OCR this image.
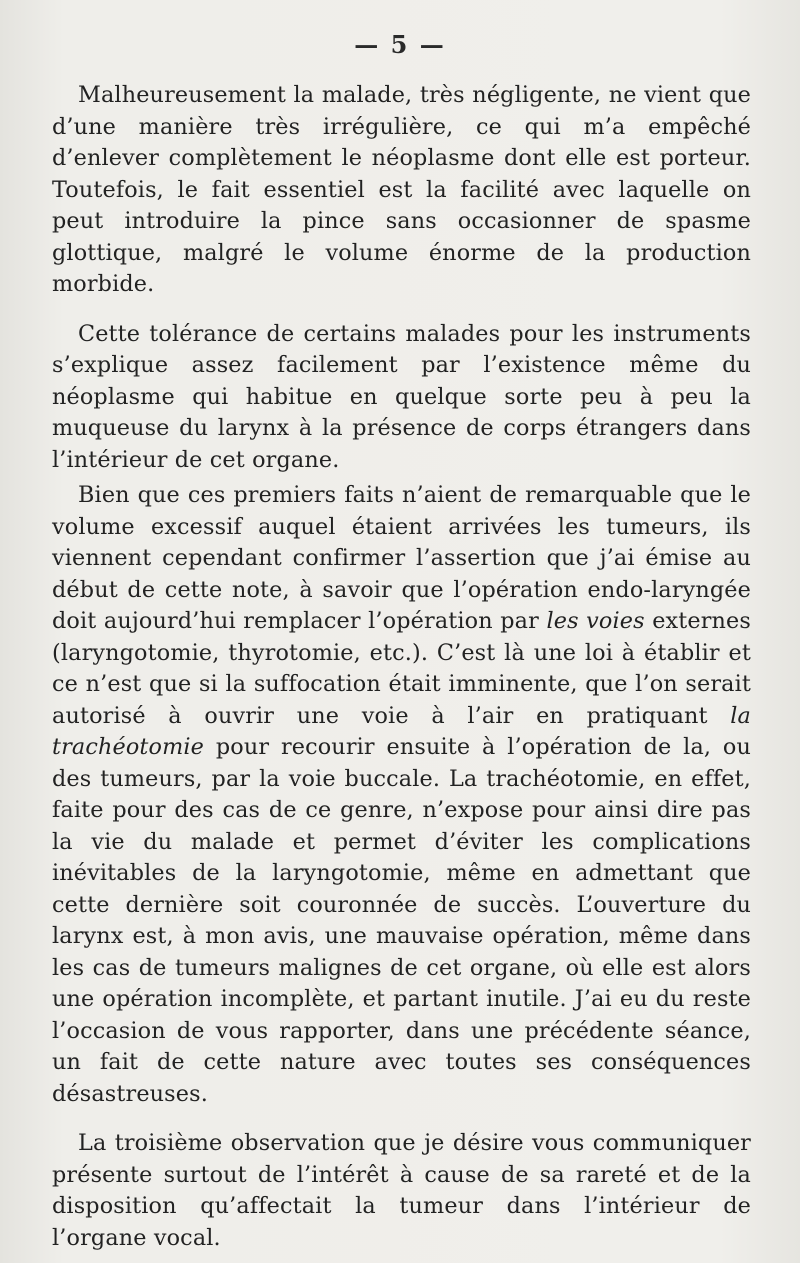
— 5 —

Malheureusement la malade, très négligente, ne vient que d’une manière très irrégulière, ce qui m’a empêché d’enlever complètement le néoplasme dont elle est porteur. Toutefois, le fait essentiel est la facilité avec laquelle on peut introduire la pince sans occasionner de spasme glottique, malgré le volume énorme de la production morbide.

Cette tolérance de certains malades pour les instruments s’explique assez facilement par l’existence même du néoplasme qui habitue en quelque sorte peu à peu la muqueuse du larynx à la présence de corps étrangers dans l’intérieur de cet organe.

Bien que ces premiers faits n’aient de remarquable que le volume excessif auquel étaient arrivées les tumeurs, ils viennent cependant confirmer l’assertion que j’ai émise au début de cette note, à savoir que l’opération endo-laryngée doit aujourd’hui remplacer l’opération par les voies externes (laryngotomie, thyrotomie, etc.). C’est là une loi à établir et ce n’est que si la suffocation était imminente, que l’on serait autorisé à ouvrir une voie à l’air en pratiquant la trachéotomie pour recourir ensuite à l’opération de la, ou des tumeurs, par la voie buccale. La trachéotomie, en effet, faite pour des cas de ce genre, n’expose pour ainsi dire pas la vie du malade et permet d’éviter les complications inévitables de la laryngotomie, même en admettant que cette dernière soit couronnée de succès. L’ouverture du larynx est, à mon avis, une mauvaise opération, même dans les cas de tumeurs malignes de cet organe, où elle est alors une opération incomplète, et partant inutile. J’ai eu du reste l’occasion de vous rapporter, dans une précédente séance, un fait de cette nature avec toutes ses conséquences désastreuses.

La troisième observation que je désire vous communiquer présente surtout de l’intérêt à cause de sa rareté et de la disposition qu’affectait la tumeur dans l’intérieur de l’organe vocal.
